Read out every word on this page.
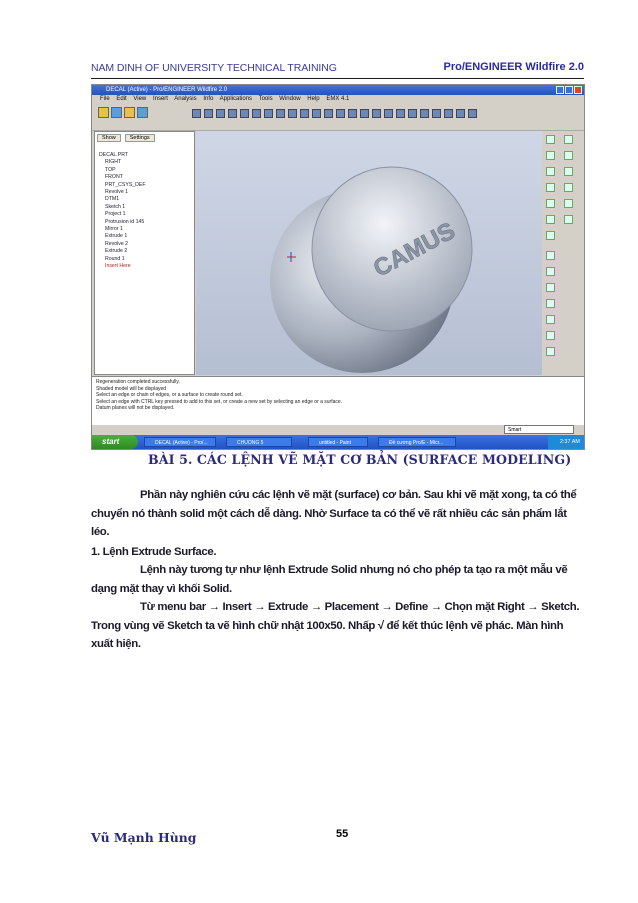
NAM DINH OF UNIVERSITY TECHNICAL TRAINING	Pro/ENGINEER Wildfire 2.0
DECAL (Active) - Pro/ENGINEER Wildfire 2.0
File Edit View Insert Analysis Info Applications Tools Window Help EMX 4.1
Show	Settings
DECAL.PRT
RIGHT
TOP
FRONT
PRT_CSYS_DEF
Revolve 1
DTM1
Sketch 1
Project 1
Protrusion id 145
Mirror 1
Extrude 1
Revolve 2
Extrude 2
Round 1
Insert Here	CAMUS
Regeneration completed successfully.
Shaded model will be displayed
Select an edge or chain of edges, or a surface to create round set.
Select an edge with CTRL key pressed to add to this set, or create a new set by selecting an edge or a surface.
Datum planes will not be displayed.
Smart
start	DECAL (Active) - Pro/...	CHUONG 5	untitled - Paint	Đề cương Pro/E - Micr...	2:37 AM
BÀI 5. CÁC LỆNH VẼ MẶT CƠ BẢN (SURFACE MODELING)
Phần này nghiên cứu các lệnh vẽ mặt (surface) cơ bản. Sau khi vẽ mặt xong, ta có thể chuyển nó thành solid một cách dễ dàng. Nhờ Surface ta có thể vẽ rất nhiều các sản phẩm lắt léo.
1. Lệnh Extrude Surface.
Lệnh này tương tự như lệnh Extrude Solid nhưng nó cho phép ta tạo ra một mẫu vẽ dạng mặt thay vì khối Solid.
Từ menu bar → Insert → Extrude → Placement → Define → Chọn mặt Right → Sketch. Trong vùng vẽ Sketch ta vẽ hình chữ nhật 100x50. Nhấp √ để kết thúc lệnh vẽ phác. Màn hình xuất hiện.
Vũ Mạnh Hùng	55
